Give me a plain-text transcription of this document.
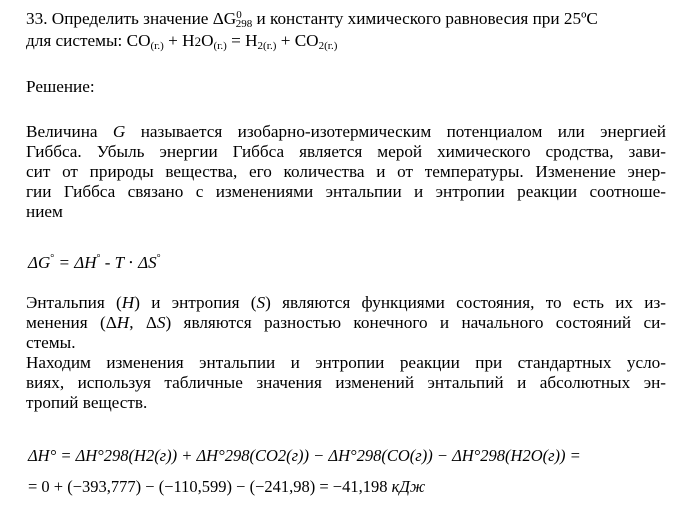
33. Определить значение $\Delta G^0_{298}$ и константу химического равновесия при 25ºС
для системы: $CO_{(г.)} + H2O_{(г.)} = H_{2(г.)} + CO_{2(г.)}$
Решение:
Величина G называется изобарно-изотермическим потенциалом или энергией
Гиббса. Убыль энергии Гиббса является мерой химического сродства, зави-
сит от природы вещества, его количества и от температуры. Изменение энер-
гии Гиббса связано с изменениями энтальпии и энтропии реакции соотноше-
нием
ΔG° = ΔH° - T ⋅ ΔS°
Энтальпия (H) и энтропия (S) являются функциями состояния, то есть их из-
менения (ΔH, ΔS) являются разностью конечного и начального состояний си-
стемы.
Находим изменения энтальпии и энтропии реакции при стандартных усло-
виях, используя табличные значения изменений энтальпий и абсолютных эн-
тропий веществ.
ΔH° = ΔH°298(H2(г)) + ΔH°298(CO2(г)) − ΔH°298(CO(г)) − ΔH°298(H2O(г)) =
= 0 + (−393,777) − (−110,599) − (−241,98) = −41,198 кДж
